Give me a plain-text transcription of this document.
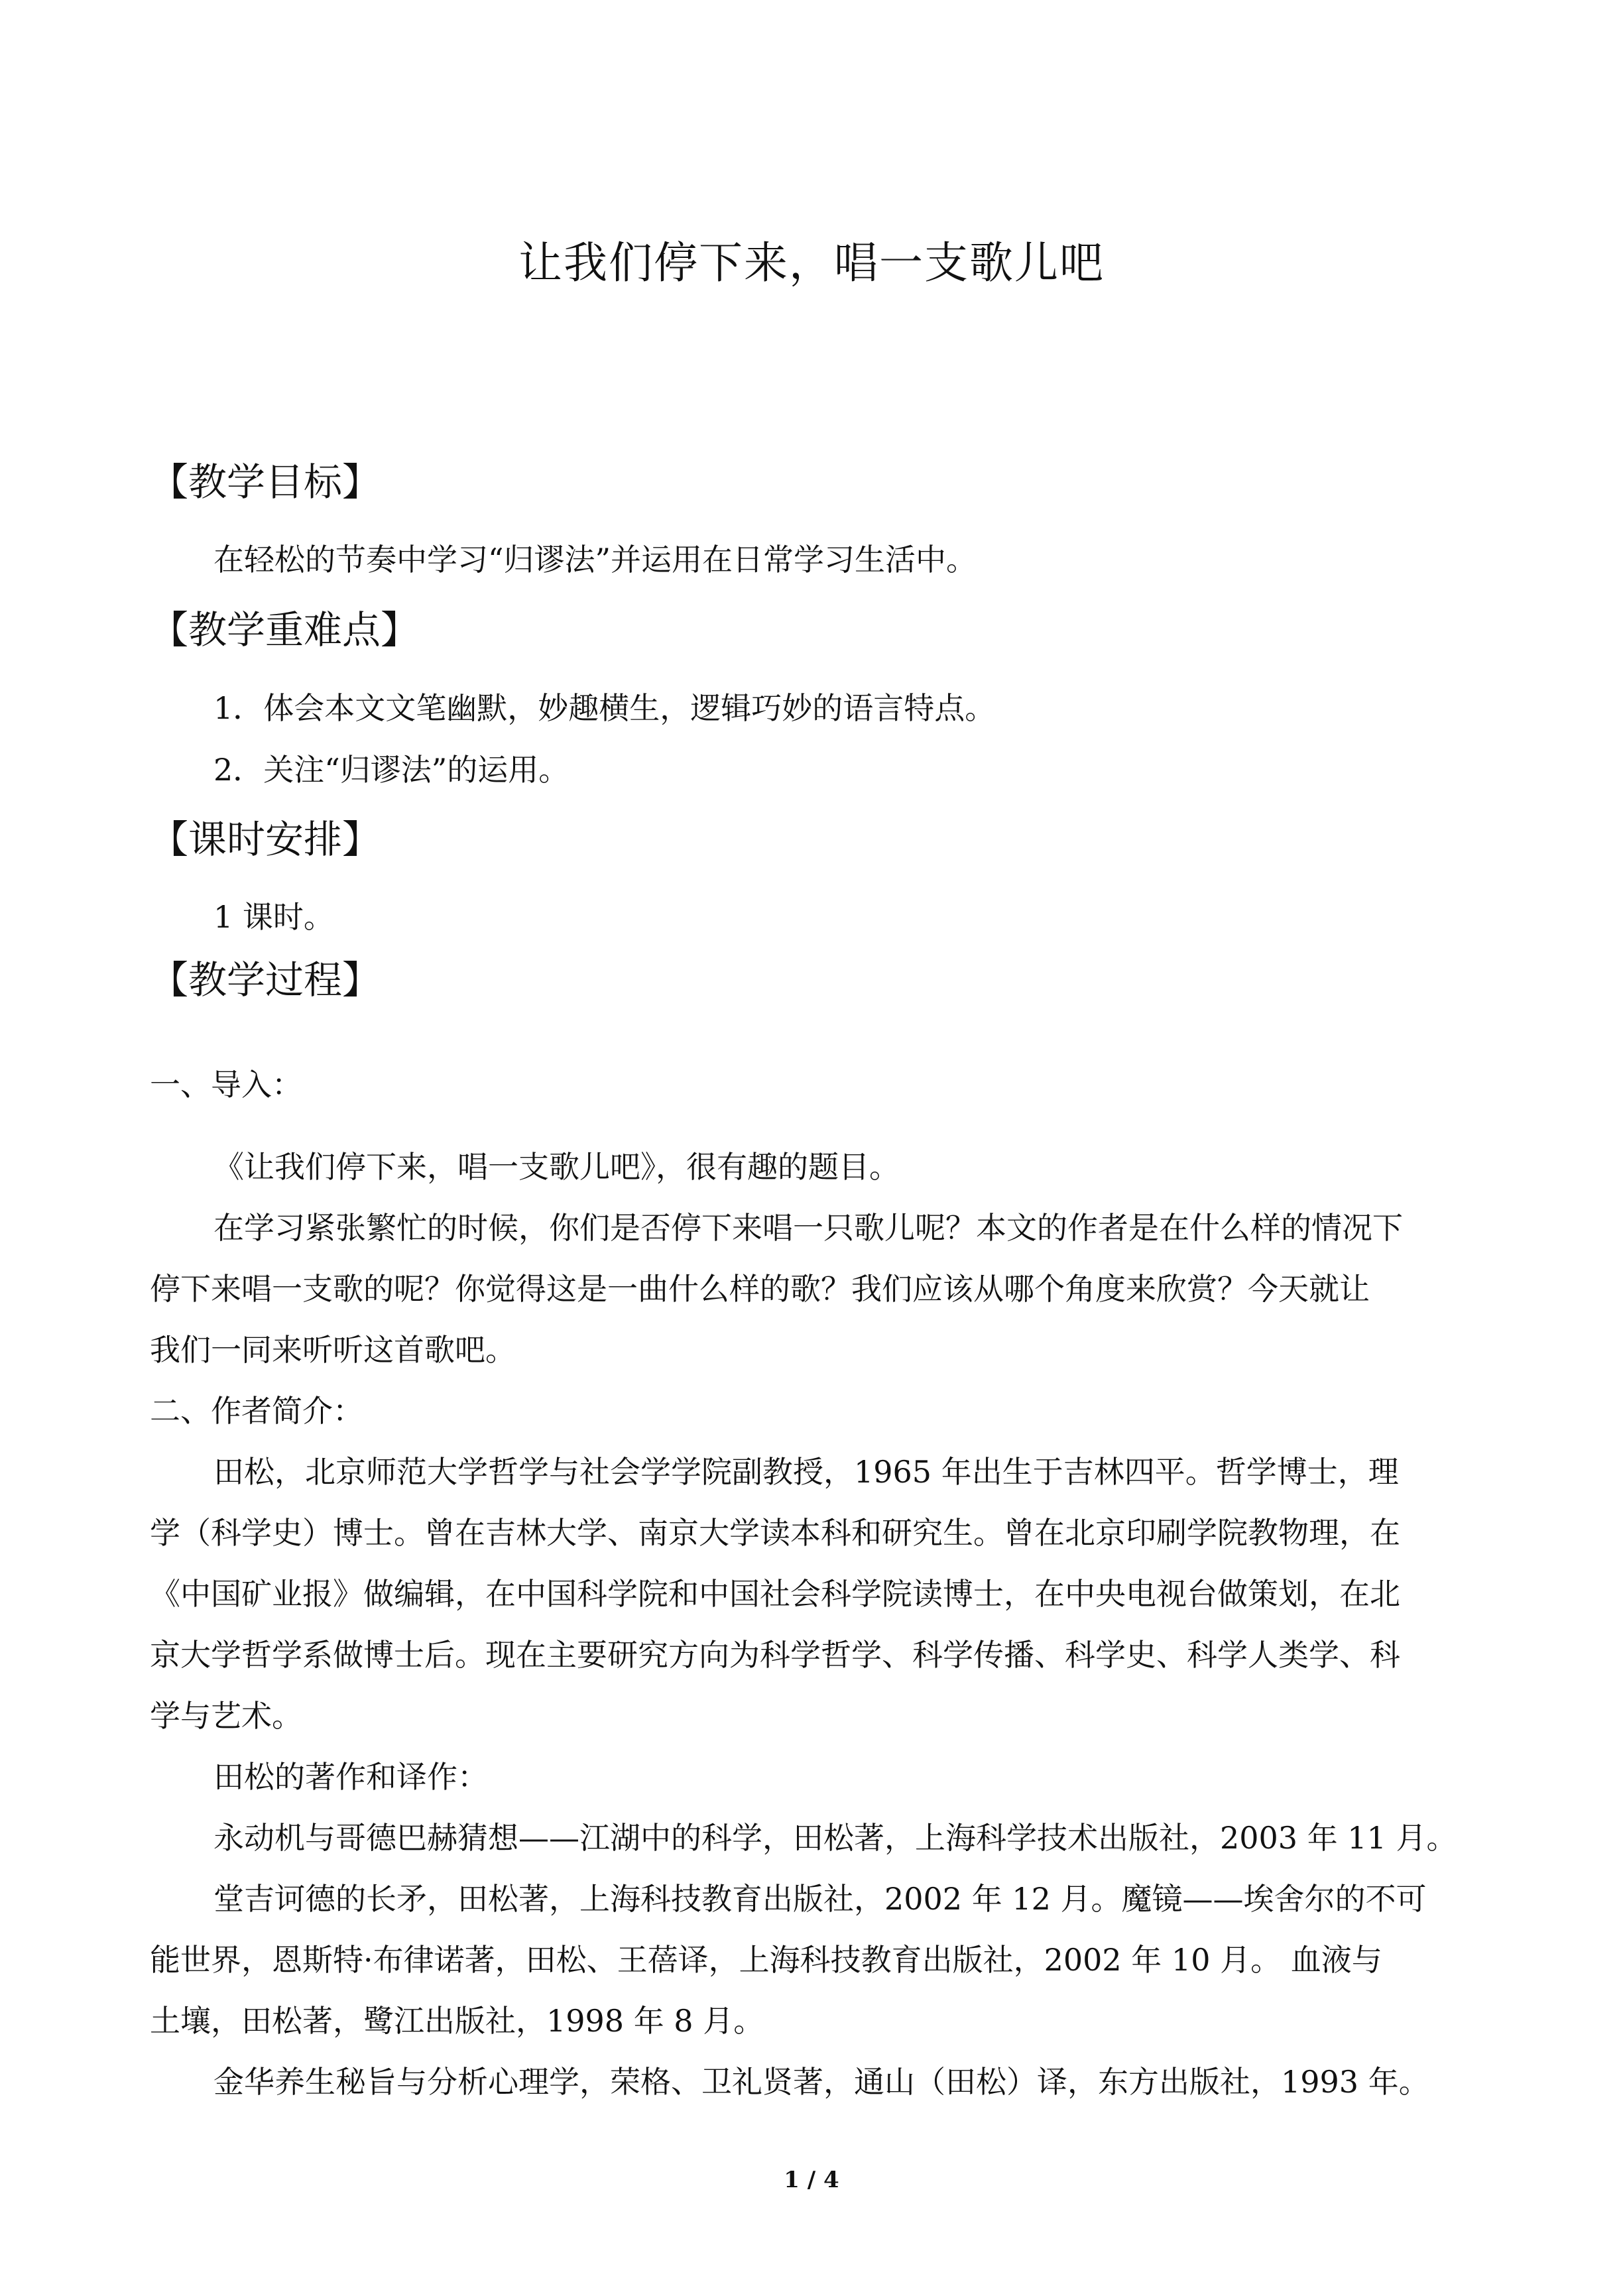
让我们停下来，唱一支歌儿吧
【教学目标】
在轻松的节奏中学习“归谬法”并运用在日常学习生活中。
【教学重难点】
1．体会本文文笔幽默，妙趣横生，逻辑巧妙的语言特点。
2．关注“归谬法”的运用。
【课时安排】
1 课时。
【教学过程】
一、导入：
《让我们停下来，唱一支歌儿吧》，很有趣的题目。
在学习紧张繁忙的时候，你们是否停下来唱一只歌儿呢？本文的作者是在什么样的情况下
停下来唱一支歌的呢？你觉得这是一曲什么样的歌？我们应该从哪个角度来欣赏？今天就让
我们一同来听听这首歌吧。
二、作者简介：
田松，北京师范大学哲学与社会学学院副教授，1965 年出生于吉林四平。哲学博士，理
学（科学史）博士。曾在吉林大学、南京大学读本科和研究生。曾在北京印刷学院教物理，在
《中国矿业报》做编辑，在中国科学院和中国社会科学院读博士，在中央电视台做策划，在北
京大学哲学系做博士后。现在主要研究方向为科学哲学、科学传播、科学史、科学人类学、科
学与艺术。
田松的著作和译作：
永动机与哥德巴赫猜想——江湖中的科学，田松著，上海科学技术出版社，2003 年 11 月。
堂吉诃德的长矛，田松著，上海科技教育出版社，2002 年 12 月。魔镜——埃舍尔的不可
能世界，恩斯特·布律诺著，田松、王蓓译，上海科技教育出版社，2002 年 10 月。 血液与
土壤，田松著，鹭江出版社，1998 年 8 月。
金华养生秘旨与分析心理学，荣格、卫礼贤著，通山（田松）译，东方出版社，1993 年。
1 / 4
